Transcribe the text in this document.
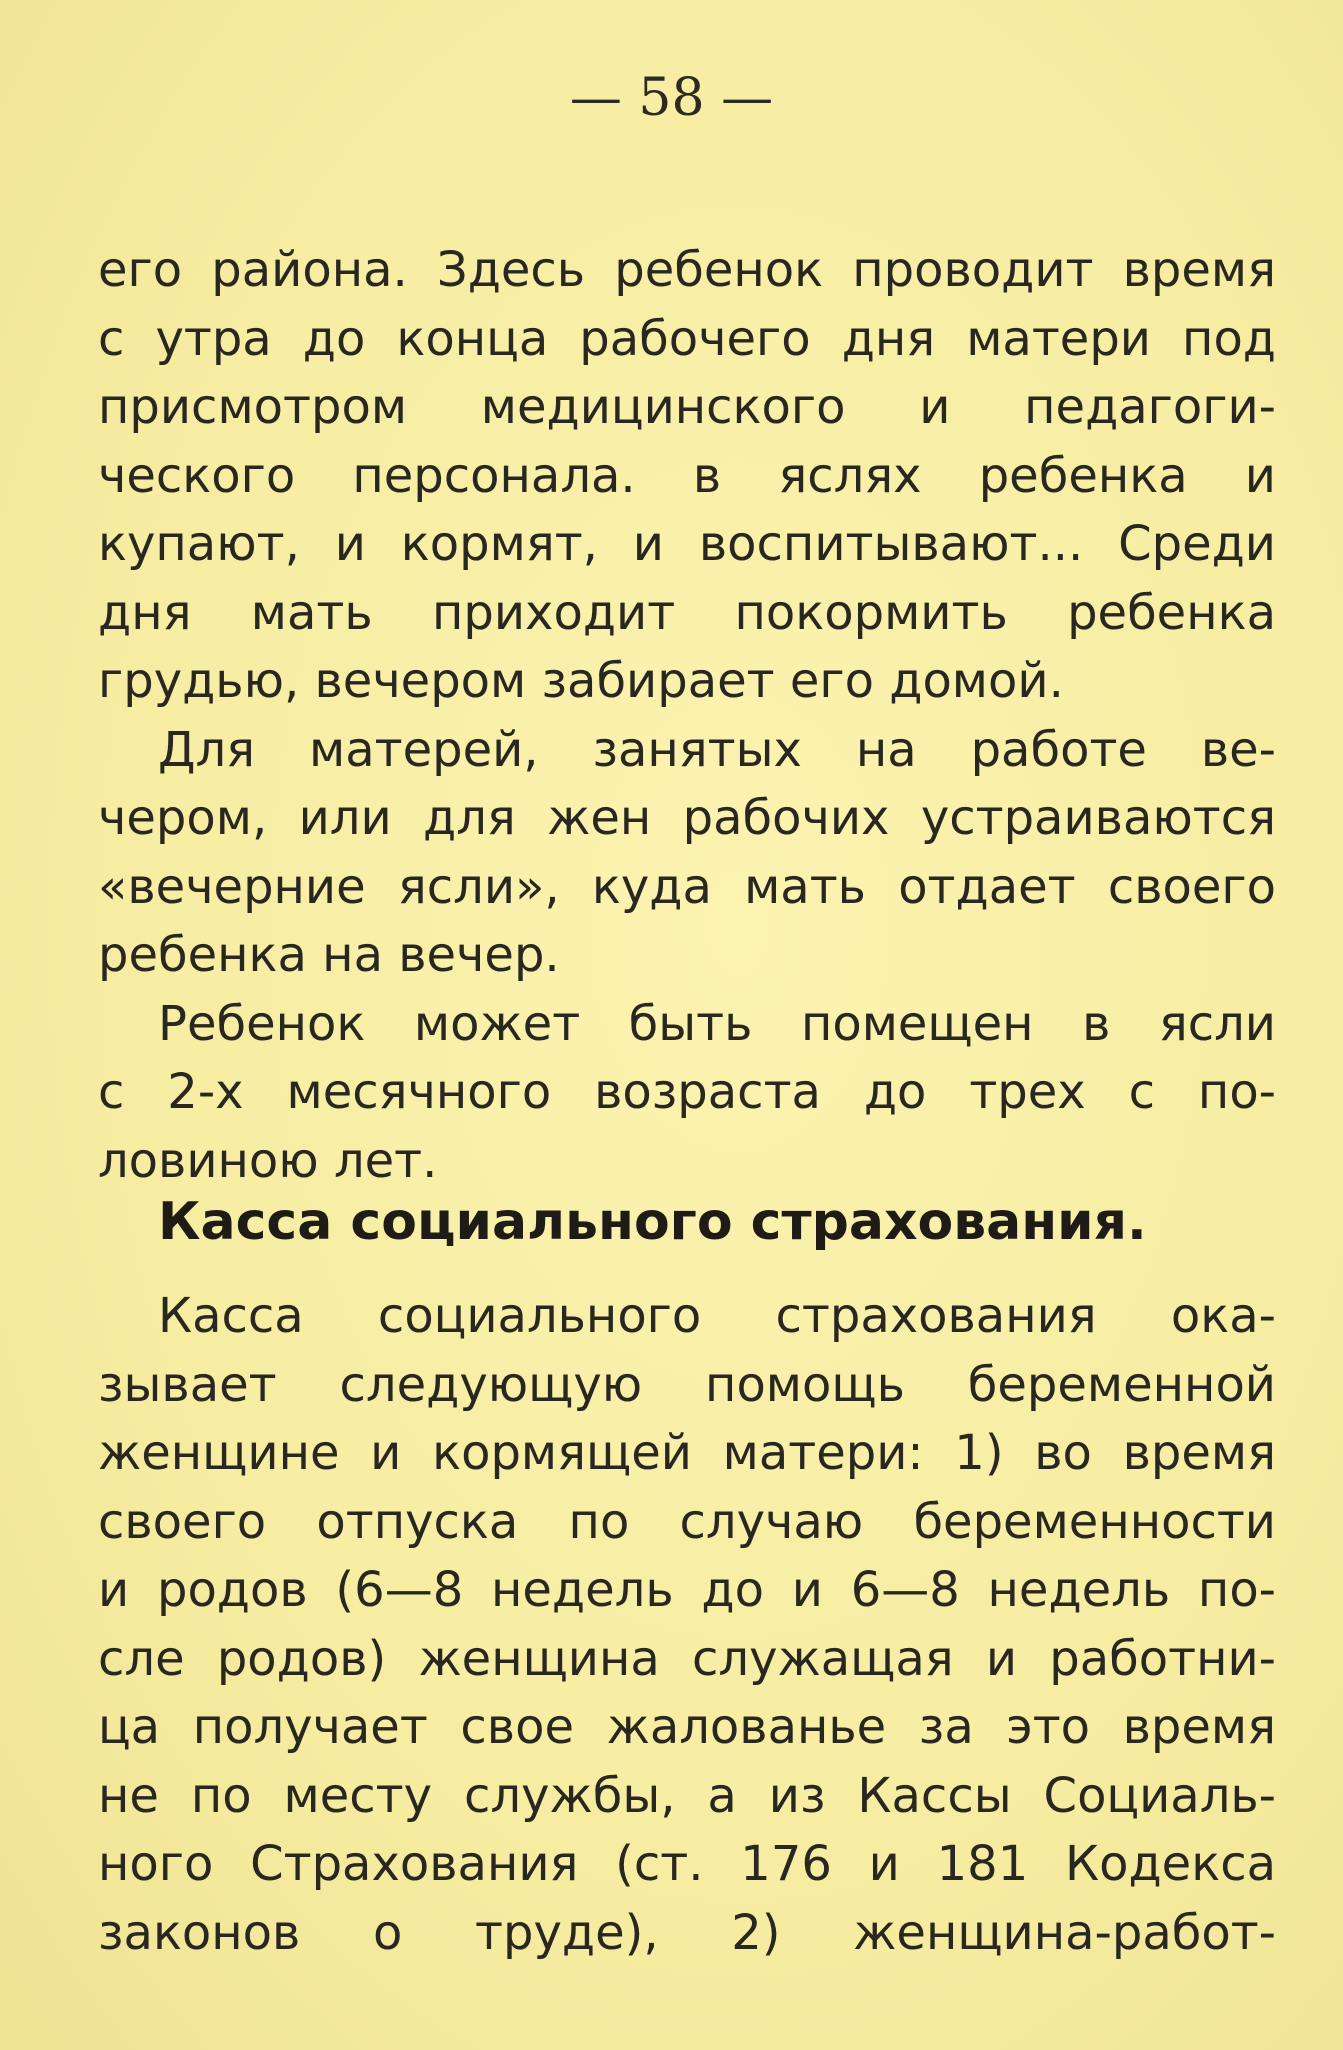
— 58 —
его района. Здесь ребенок проводит время
с утра до конца рабочего дня матери под
присмотром медицинского и педагоги-
ческого персонала. в яслях ребенка и
купают, и кормят, и воспитывают... Среди
дня мать приходит покормить ребенка
грудью, вечером забирает его домой.
Для матерей, занятых на работе ве-
чером, или для жен рабочих устраиваются
«вечерние ясли», куда мать отдает своего
ребенка на вечер.
Ребенок может быть помещен в ясли
с 2-х месячного возраста до трех с по-
ловиною лет.
Касса социального страхования.
Касса социального страхования ока-
зывает следующую помощь беременной
женщине и кормящей матери: 1) во время
своего отпуска по случаю беременности
и родов (6—8 недель до и 6—8 недель по-
сле родов) женщина служащая и работни-
ца получает свое жалованье за это время
не по месту службы, а из Кассы Социаль-
ного Страхования (ст. 176 и 181 Кодекса
законов о труде), 2) женщина-работ-
